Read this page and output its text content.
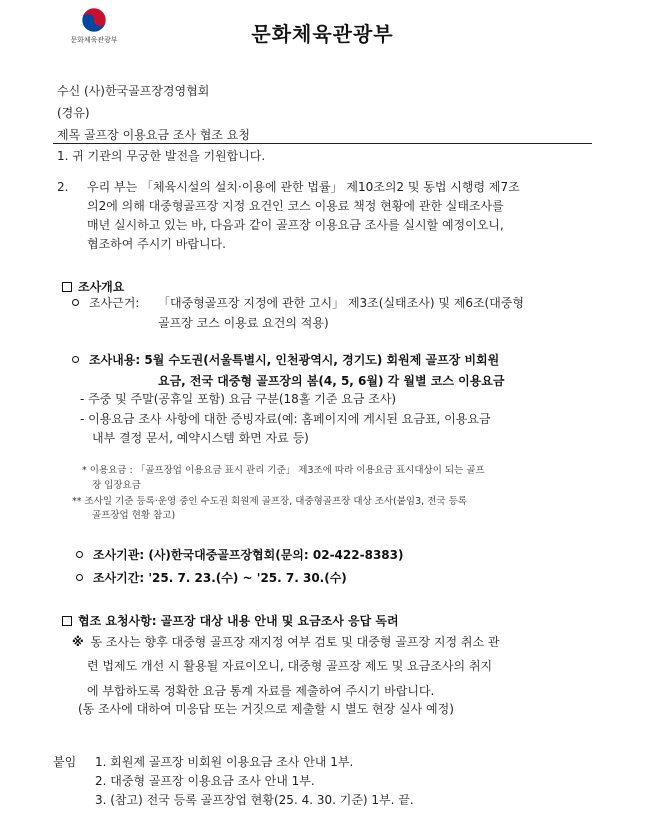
문화체육관광부	문화체육관광부
수신 (사)한국골프장경영협회
(경유)
제목 골프장 이용요금 조사 협조 요청
1. 귀 기관의 무궁한 발전을 기원합니다.
2.	우리 부는 「체육시설의 설치·이용에 관한 법률」 제10조의2 및 동법 시행령 제7조
의2에 의해 대중형골프장 지정 요건인 코스 이용료 책정 현황에 관한 실태조사를
매년 실시하고 있는 바, 다음과 같이 골프장 이용요금 조사를 실시할 예정이오니,
협조하여 주시기 바랍니다.
조사개요
조사근거: 「대중형골프장 지정에 관한 고시」 제3조(실태조사) 및 제6조(대중형
골프장 코스 이용료 요건의 적용)
조사내용: 5월 수도권(서울특별시, 인천광역시, 경기도) 회원제 골프장 비회원
요금, 전국 대중형 골프장의 봄(4, 5, 6월) 각 월별 코스 이용요금
- 주중 및 주말(공휴일 포함) 요금 구분(18홀 기준 요금 조사)
- 이용요금 조사 사항에 대한 증빙자료(예: 홈페이지에 게시된 요금표, 이용요금
내부 결정 문서, 예약시스템 화면 자료 등)
* 이용요금 : 「골프장업 이용요금 표시 관리 기준」 제3조에 따라 이용요금 표시대상이 되는 골프
장 입장요금
** 조사일 기준 등록·운영 중인 수도권 회원제 골프장, 대중형골프장 대상 조사(붙임3, 전국 등록
골프장업 현황 참고)
조사기관: (사)한국대중골프장협회(문의: 02-422-8383)
조사기간: '25. 7. 23.(수) ~ '25. 7. 30.(수)
협조 요청사항: 골프장 대상 내용 안내 및 요금조사 응답 독려
※ 동 조사는 향후 대중형 골프장 재지정 여부 검토 및 대중형 골프장 지정 취소 관
련 법제도 개선 시 활용될 자료이오니, 대중형 골프장 제도 및 요금조사의 취지
에 부합하도록 정확한 요금 통계 자료를 제출하여 주시기 바랍니다.
(동 조사에 대하여 미응답 또는 거짓으로 제출할 시 별도 현장 실사 예정)
붙임 1. 회원제 골프장 비회원 이용요금 조사 안내 1부.
2. 대중형 골프장 이용요금 조사 안내 1부.
3. (참고) 전국 등록 골프장업 현황(25. 4. 30. 기준) 1부. 끝.
